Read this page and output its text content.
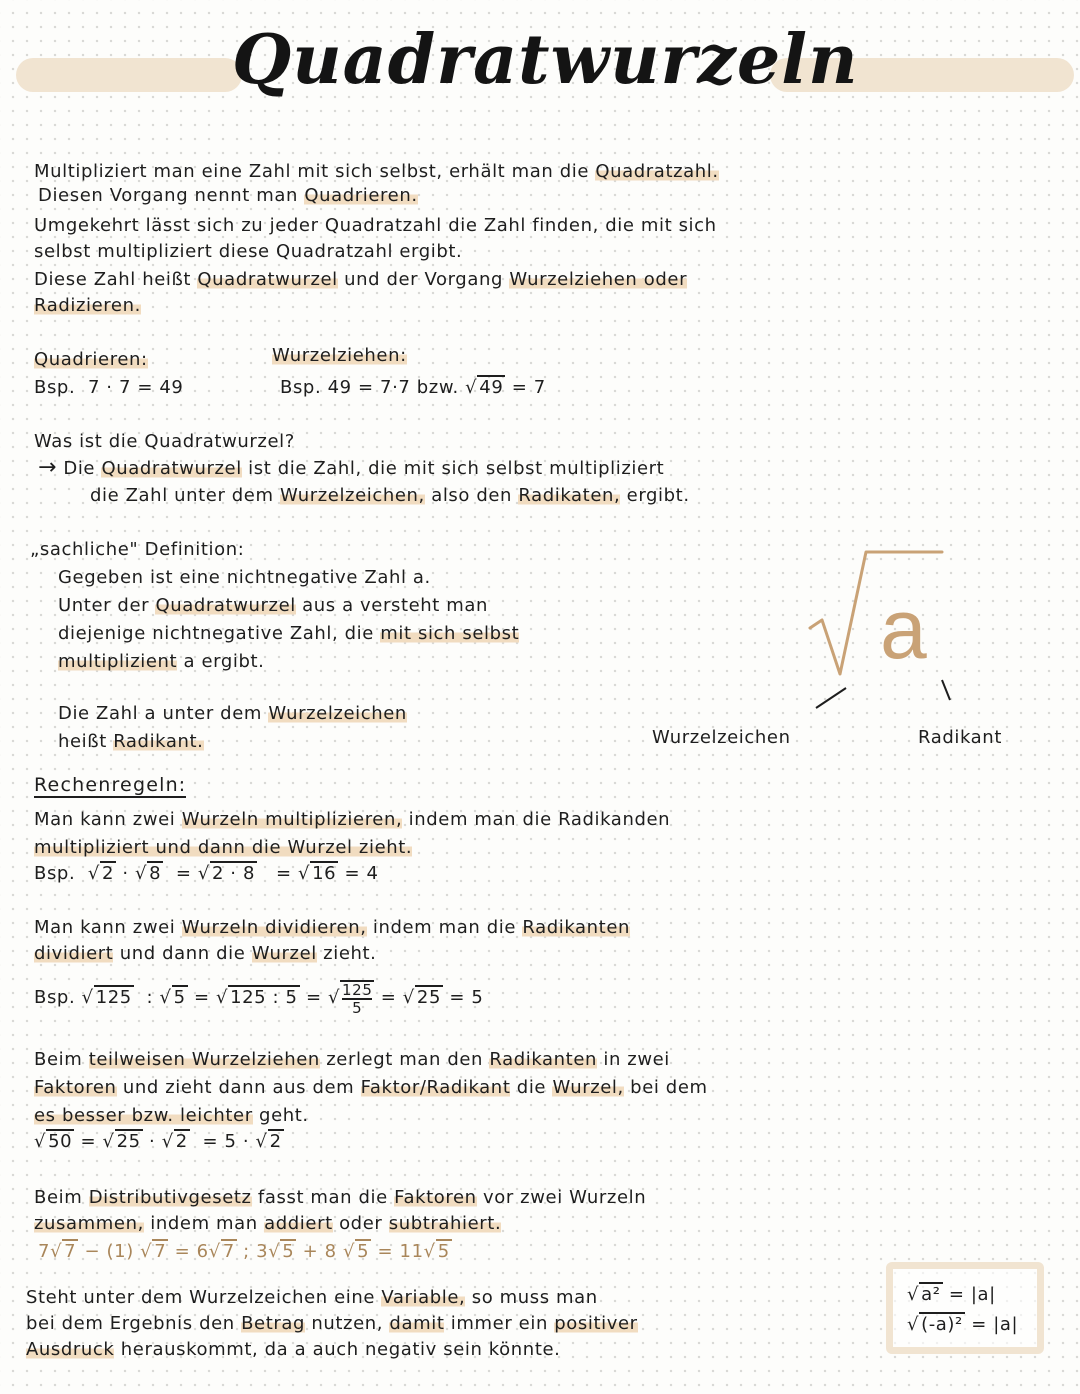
Quadratwurzeln
Multipliziert man eine Zahl mit sich selbst, erhält man die Quadratzahl.
Diesen Vorgang nennt man Quadrieren.
Umgekehrt lässt sich zu jeder Quadratzahl die Zahl finden, die mit sich
selbst multipliziert diese Quadratzahl ergibt.
Diese Zahl heißt Quadratwurzel und der Vorgang Wurzelziehen oder
Radizieren.
Quadrieren:
Bsp. 7 · 7 = 49
Wurzelziehen:
Bsp. 49 = 7·7 bzw. √ 49 = 7
Was ist die Quadratwurzel?
→ Die Quadratwurzel ist die Zahl, die mit sich selbst multipliziert
die Zahl unter dem Wurzelzeichen, also den Radikaten, ergibt.
„sachliche" Definition:
Gegeben ist eine nichtnegative Zahl a.
Unter der Quadratwurzel aus a versteht man
diejenige nichtnegative Zahl, die mit sich selbst
multiplizient a ergibt.
Die Zahl a unter dem Wurzelzeichen
heißt Radikant.
a
Wurzelzeichen	Radikant
Rechenregeln:
Man kann zwei Wurzeln multiplizieren, indem man die Radikanden
multipliziert und dann die Wurzel zieht.
Bsp.  √ 2 · √ 8 = √ 2 · 8 = √ 16 = 4
Man kann zwei Wurzeln dividieren, indem man die Radikanten
dividiert und dann die Wurzel zieht.
Bsp. √ 125 : √ 5 = √ 125 : 5 = √ $\frac{125}{5}$ = √ 25 = 5
Beim teilweisen Wurzelziehen zerlegt man den Radikanten in zwei
Faktoren und zieht dann aus dem Faktor/Radikant die Wurzel, bei dem
es besser bzw. leichter geht.
√ 50 = √ 25 · √ 2 = 5 · √ 2
Beim Distributivgesetz fasst man die Faktoren vor zwei Wurzeln
zusammen, indem man addiert oder subtrahiert.
7√ 7 − (1) √ 7 = 6√ 7 ; 3√ 5 + 8 √ 5 = 11√ 5
Steht unter dem Wurzelzeichen eine Variable, so muss man
bei dem Ergebnis den Betrag nutzen, damit immer ein positiver
Ausdruck herauskommt, da a auch negativ sein könnte.
√ a² = |a|
√ (-a)² = |a|
